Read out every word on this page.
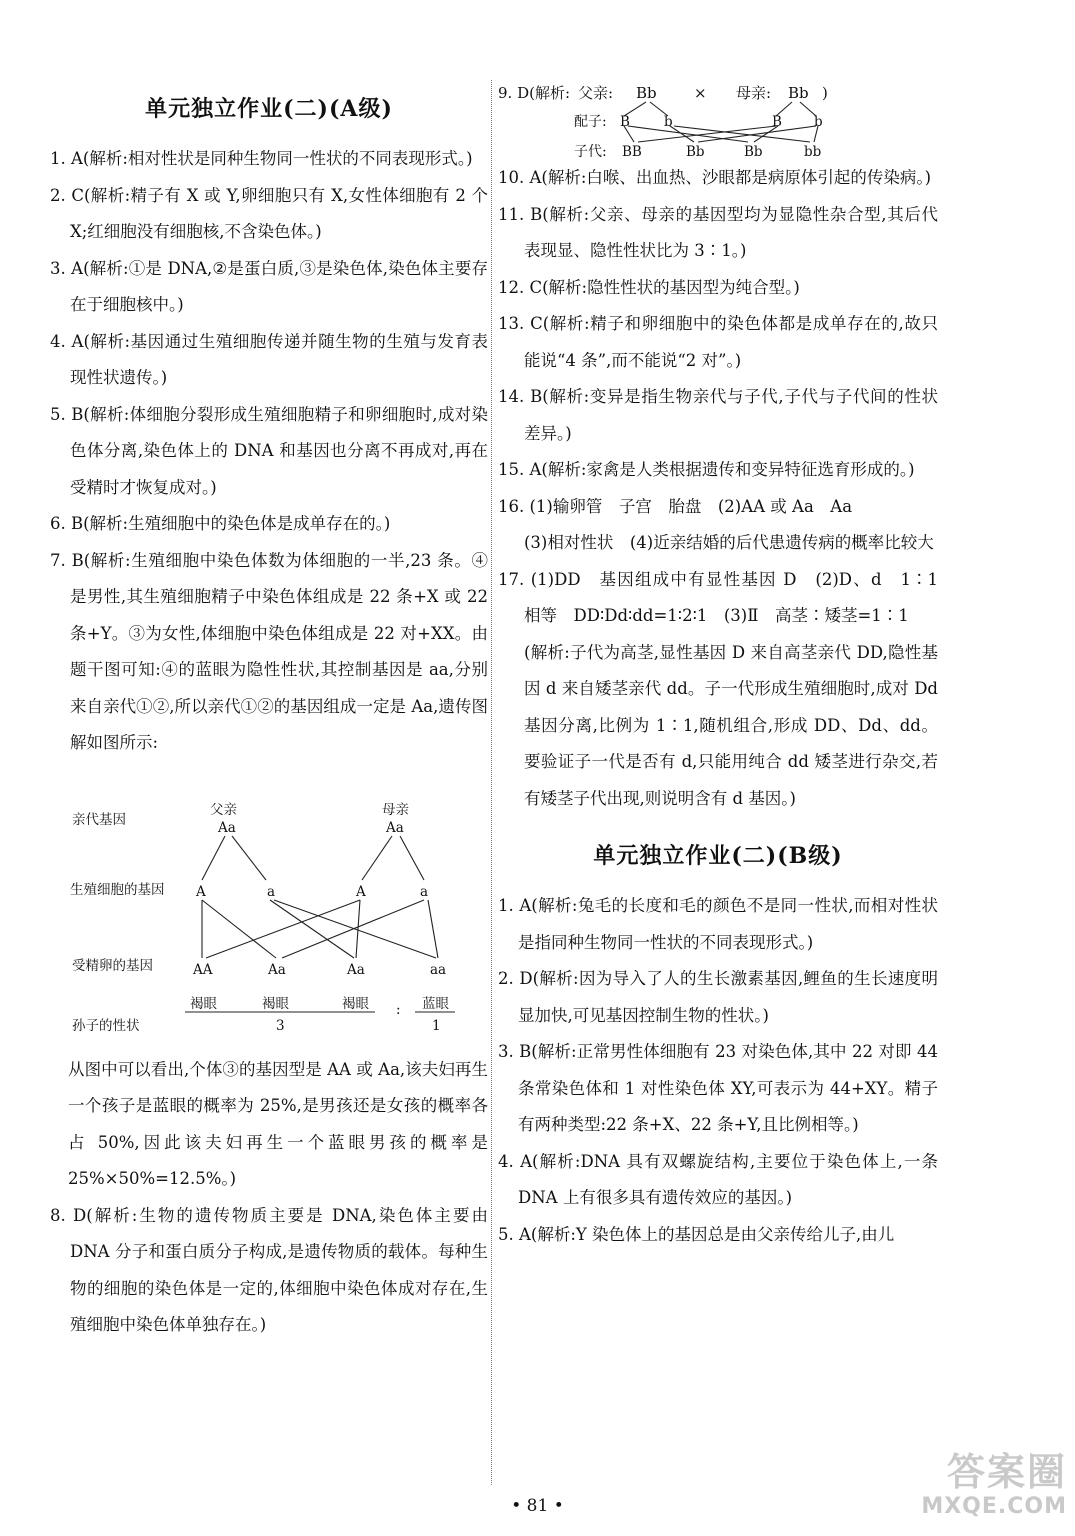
单元独立作业(二)(A级)

1. A(解析:相对性状是同种生物同一性状的不同表现形式。)

2. C(解析:精子有 X 或 Y,卵细胞只有 X,女性体细胞有 2 个 X;红细胞没有细胞核,不含染色体。)

3. A(解析:①是 DNA,②是蛋白质,③是染色体,染色体主要存在于细胞核中。)

4. A(解析:基因通过生殖细胞传递并随生物的生殖与发育表现性状遗传。)

5. B(解析:体细胞分裂形成生殖细胞精子和卵细胞时,成对染色体分离,染色体上的 DNA 和基因也分离不再成对,再在受精时才恢复成对。)

6. B(解析:生殖细胞中的染色体是成单存在的。)

7. B(解析:生殖细胞中染色体数为体细胞的一半,23 条。④是男性,其生殖细胞精子中染色体组成是 22 条+X 或 22 条+Y。③为女性,体细胞中染色体组成是 22 对+XX。由题干图可知:④的蓝眼为隐性性状,其控制基因是 aa,分别来自亲代①②,所以亲代①②的基因组成一定是 Aa,遗传图解如图所示:

亲代基因
生殖细胞的基因
受精卵的基因
孙子的性状
父亲
Aa
母亲
Aa
A	a	A	a
AA	Aa	Aa	aa
褐眼	褐眼	褐眼 : 蓝眼
3	1

从图中可以看出,个体③的基因型是 AA 或 Aa,该夫妇再生一个孩子是蓝眼的概率为 25%,是男孩还是女孩的概率各占 50%,因此该夫妇再生一个蓝眼男孩的概率是 25%×50%=12.5%。)

8. D(解析:生物的遗传物质主要是 DNA,染色体主要由 DNA 分子和蛋白质分子构成,是遗传物质的载体。每种生物的细胞的染色体是一定的,体细胞中染色体成对存在,生殖细胞中染色体单独存在。)

9. D(解析: 父亲: Bb × 母亲: Bb )
配子: B	b	B b
子代: BB	Bb	Bb	bb

10. A(解析:白喉、出血热、沙眼都是病原体引起的传染病。)

11. B(解析:父亲、母亲的基因型均为显隐性杂合型,其后代表现显、隐性性状比为 3∶1。)

12. C(解析:隐性性状的基因型为纯合型。)

13. C(解析:精子和卵细胞中的染色体都是成单存在的,故只能说“4 条”,而不能说“2 对”。)

14. B(解析:变异是指生物亲代与子代,子代与子代间的性状差异。)

15. A(解析:家禽是人类根据遗传和变异特征选育形成的。)

16. (1)输卵管　子宫　胎盘　(2)AA 或 Aa　Aa

(3)相对性状　(4)近亲结婚的后代患遗传病的概率比较大

17. (1)DD　基因组成中有显性基因 D　(2)D、d　1∶1　相等　DD∶Dd∶dd=1∶2∶1　(3)Ⅱ　高茎∶矮茎=1∶1

(解析:子代为高茎,显性基因 D 来自高茎亲代 DD,隐性基因 d 来自矮茎亲代 dd。子一代形成生殖细胞时,成对 Dd 基因分离,比例为 1∶1,随机组合,形成 DD、Dd、dd。要验证子一代是否有 d,只能用纯合 dd 矮茎进行杂交,若有矮茎子代出现,则说明含有 d 基因。)
单元独立作业(二)(B级)

1. A(解析:兔毛的长度和毛的颜色不是同一性状,而相对性状是指同种生物同一性状的不同表现形式。)

2. D(解析:因为导入了人的生长激素基因,鲤鱼的生长速度明显加快,可见基因控制生物的性状。)

3. B(解析:正常男性体细胞有 23 对染色体,其中 22 对即 44 条常染色体和 1 对性染色体 XY,可表示为 44+XY。精子有两种类型:22 条+X、22 条+Y,且比例相等。)

4. A(解析:DNA 具有双螺旋结构,主要位于染色体上,一条 DNA 上有很多具有遗传效应的基因。)

5. A(解析:Y 染色体上的基因总是由父亲传给儿子,由儿

• 81 •
答案圈
MXQE.COM
